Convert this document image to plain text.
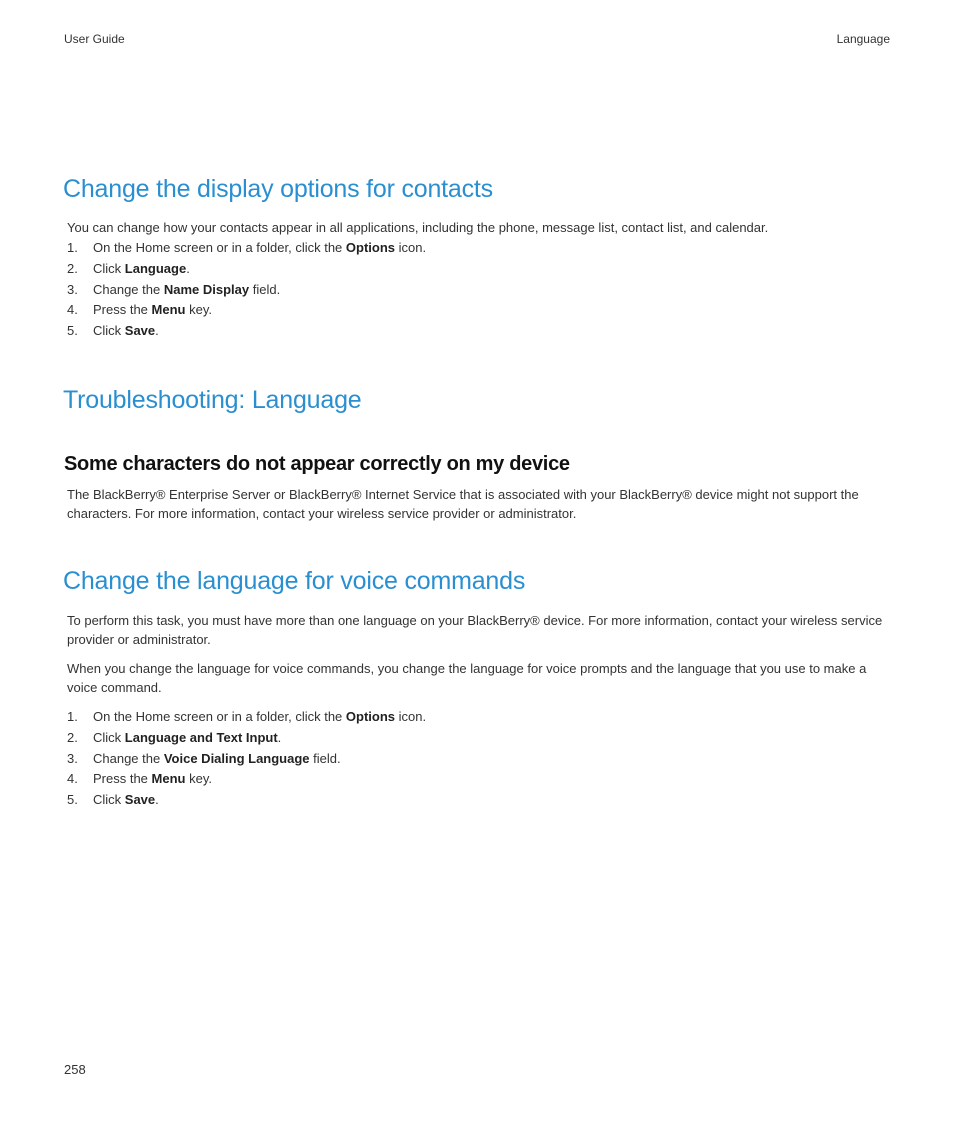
User Guide	Language
Change the display options for contacts

You can change how your contacts appear in all applications, including the phone, message list, contact list, and calendar.

1. On the Home screen or in a folder, click the Options icon.
2. Click Language.
3. Change the Name Display field.
4. Press the Menu key.
5. Click Save.
Troubleshooting: Language
Some characters do not appear correctly on my device

The BlackBerry® Enterprise Server or BlackBerry® Internet Service that is associated with your BlackBerry® device might not support the characters. For more information, contact your wireless service provider or administrator.

Change the language for voice commands

To perform this task, you must have more than one language on your BlackBerry® device. For more information, contact your wireless service provider or administrator.

When you change the language for voice commands, you change the language for voice prompts and the language that you use to make a voice command.

1. On the Home screen or in a folder, click the Options icon.
2. Click Language and Text Input.
3. Change the Voice Dialing Language field.
4. Press the Menu key.
5. Click Save.
258
